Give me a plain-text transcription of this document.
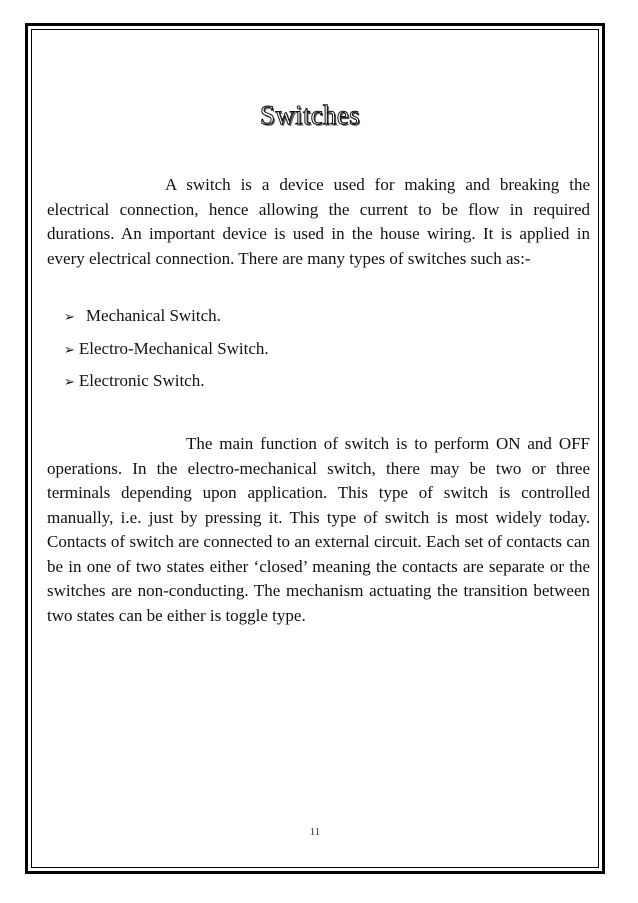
Switches

A switch is a device used for making and breaking the electrical connection, hence allowing the current to be flow in required durations. An important device is used in the house wiring. It is applied in every electrical connection. There are many types of switches such as:-

➢ Mechanical Switch.
➢ Electro-Mechanical Switch.
➢ Electronic Switch.

The main function of switch is to perform ON and OFF operations. In the electro-mechanical switch, there may be two or three terminals depending upon application. This type of switch is controlled manually, i.e. just by pressing it. This type of switch is most widely today. Contacts of switch are connected to an external circuit. Each set of contacts can be in one of two states either ‘closed’ meaning the contacts are separate or the switches are non-conducting. The mechanism actuating the transition between two states can be either is toggle type.

11
